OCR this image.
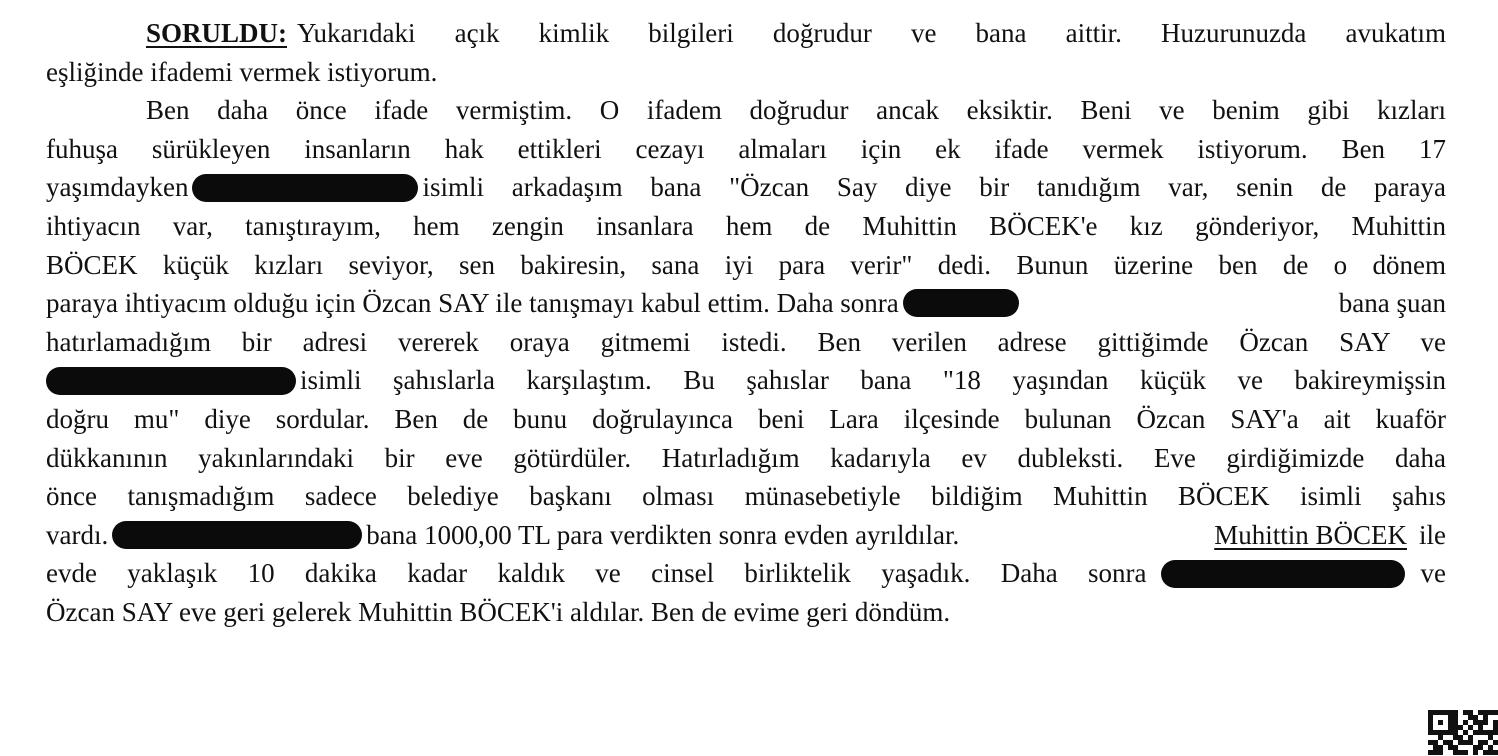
SORULDU: Yukarıdaki açık kimlik bilgileri doğrudur ve bana aittir. Huzurunuzda avukatım
eşliğinde ifademi vermek istiyorum.
Ben daha önce ifade vermiştim. O ifadem doğrudur ancak eksiktir. Beni ve benim gibi kızları
fuhuşa sürükleyen insanların hak ettikleri cezayı almaları için ek ifade vermek istiyorum. Ben 17
yaşımdayken	isimli arkadaşım bana "Özcan Say diye bir tanıdığım var, senin de paraya
ihtiyacın var, tanıştırayım, hem zengin insanlara hem de Muhittin BÖCEK'e kız gönderiyor, Muhittin
BÖCEK küçük kızları seviyor, sen bakiresin, sana iyi para verir" dedi. Bunun üzerine ben de o dönem
paraya ihtiyacım olduğu için Özcan SAY ile tanışmayı kabul ettim. Daha sonra	bana şuan
hatırlamadığım bir adresi vererek oraya gitmemi istedi. Ben verilen adrese gittiğimde Özcan SAY ve
isimli şahıslarla karşılaştım. Bu şahıslar bana "18 yaşından küçük ve bakireymişsin
doğru mu" diye sordular. Ben de bunu doğrulayınca beni Lara ilçesinde bulunan Özcan SAY'a ait kuaför
dükkanının yakınlarındaki bir eve götürdüler. Hatırladığım kadarıyla ev dubleksti. Eve girdiğimizde daha
önce tanışmadığım sadece belediye başkanı olması münasebetiyle bildiğim Muhittin BÖCEK isimli şahıs
vardı.	bana 1000,00 TL para verdikten sonra evden ayrıldılar.	Muhittin BÖCEK ile
evde yaklaşık 10 dakika kadar kaldık ve cinsel birliktelik yaşadık. Daha sonra	ve
Özcan SAY eve geri gelerek Muhittin BÖCEK'i aldılar. Ben de evime geri döndüm.
